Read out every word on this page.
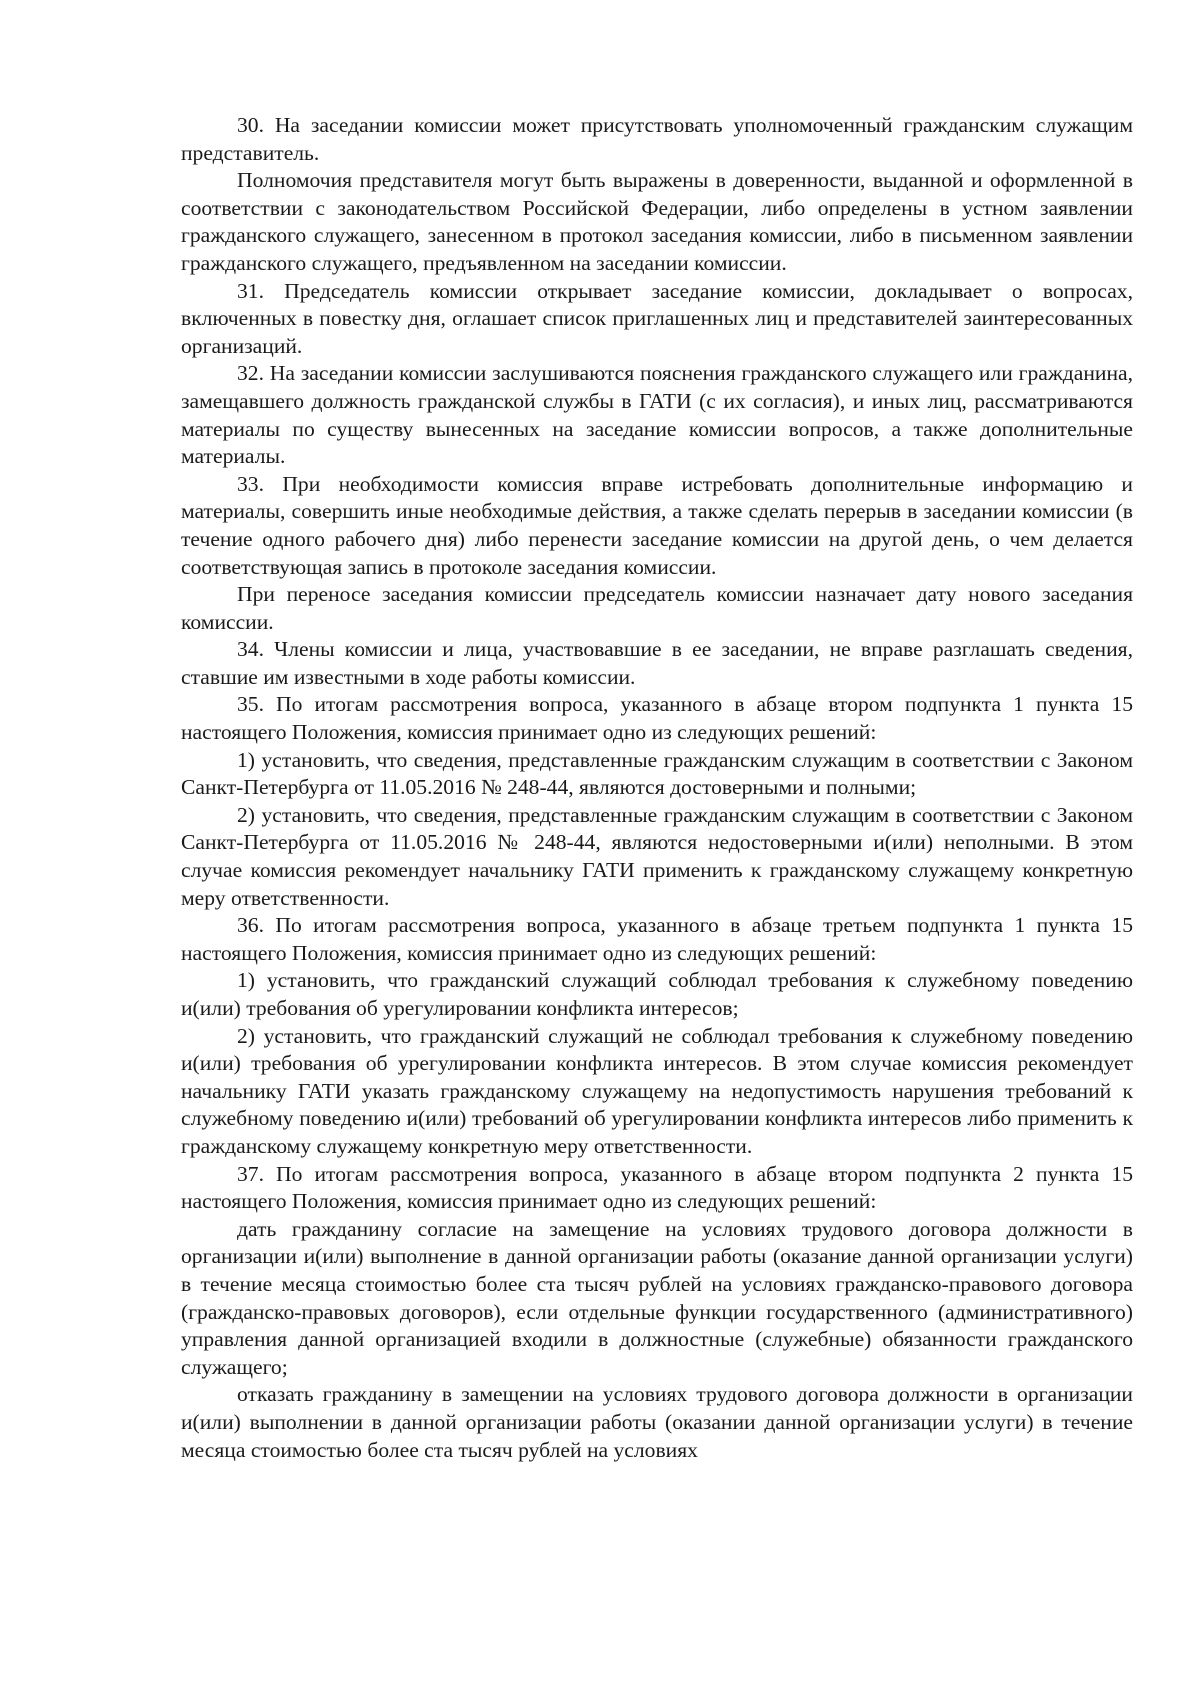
30. На заседании комиссии может присутствовать уполномоченный гражданским служащим представитель.

Полномочия представителя могут быть выражены в доверенности, выданной и оформленной в соответствии с законодательством Российской Федерации, либо определены в устном заявлении гражданского служащего, занесенном в протокол заседания комиссии, либо в письменном заявлении гражданского служащего, предъявленном на заседании комиссии.

31. Председатель комиссии открывает заседание комиссии, докладывает о вопросах, включенных в повестку дня, оглашает список приглашенных лиц и представителей заинтересованных организаций.

32. На заседании комиссии заслушиваются пояснения гражданского служащего или гражданина, замещавшего должность гражданской службы в ГАТИ (с их согласия), и иных лиц, рассматриваются материалы по существу вынесенных на заседание комиссии вопросов, а также дополнительные материалы.

33. При необходимости комиссия вправе истребовать дополнительные информацию и материалы, совершить иные необходимые действия, а также сделать перерыв в заседании комиссии (в течение одного рабочего дня) либо перенести заседание комиссии на другой день, о чем делается соответствующая запись в протоколе заседания комиссии.

При переносе заседания комиссии председатель комиссии назначает дату нового заседания комиссии.

34. Члены комиссии и лица, участвовавшие в ее заседании, не вправе разглашать сведения, ставшие им известными в ходе работы комиссии.

35. По итогам рассмотрения вопроса, указанного в абзаце втором подпункта 1 пункта 15 настоящего Положения, комиссия принимает одно из следующих решений:

1) установить, что сведения, представленные гражданским служащим в соответствии с Законом Санкт-Петербурга от 11.05.2016 № 248-44, являются достоверными и полными;

2) установить, что сведения, представленные гражданским служащим в соответствии с Законом Санкт-Петербурга от 11.05.2016 № 248-44, являются недостоверными и(или) неполными. В этом случае комиссия рекомендует начальнику ГАТИ применить к гражданскому служащему конкретную меру ответственности.

36. По итогам рассмотрения вопроса, указанного в абзаце третьем подпункта 1 пункта 15 настоящего Положения, комиссия принимает одно из следующих решений:

1) установить, что гражданский служащий соблюдал требования к служебному поведению и(или) требования об урегулировании конфликта интересов;

2) установить, что гражданский служащий не соблюдал требования к служебному поведению и(или) требования об урегулировании конфликта интересов. В этом случае комиссия рекомендует начальнику ГАТИ указать гражданскому служащему на недопустимость нарушения требований к служебному поведению и(или) требований об урегулировании конфликта интересов либо применить к гражданскому служащему конкретную меру ответственности.

37. По итогам рассмотрения вопроса, указанного в абзаце втором подпункта 2 пункта 15 настоящего Положения, комиссия принимает одно из следующих решений:

дать гражданину согласие на замещение на условиях трудового договора должности в организации и(или) выполнение в данной организации работы (оказание данной организации услуги) в течение месяца стоимостью более ста тысяч рублей на условиях гражданско-правового договора (гражданско-правовых договоров), если отдельные функции государственного (административного) управления данной организацией входили в должностные (служебные) обязанности гражданского служащего;

отказать гражданину в замещении на условиях трудового договора должности в организации и(или) выполнении в данной организации работы (оказании данной организации услуги) в течение месяца стоимостью более ста тысяч рублей на условиях
